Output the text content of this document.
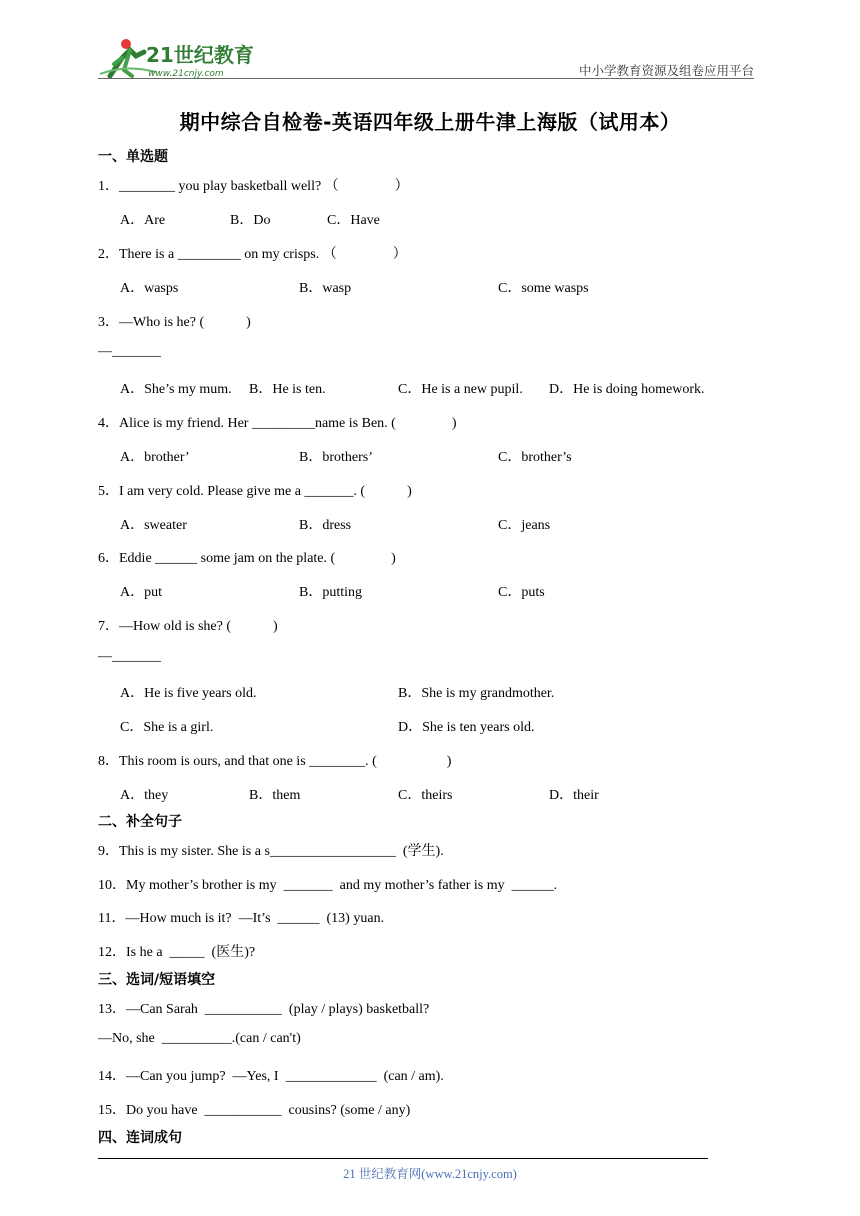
21世纪教育
www.21cnjy.com	中小学教育资源及组卷应用平台
期中综合自检卷-英语四年级上册牛津上海版（试用本）
一、单选题
1．________ you play basketball well? （　　　　）
A．Are	B．Do	C．Have
2．There is a _________ on my crisps. （　　　　）
A．wasps	B．wasp	C．some wasps
3．—Who is he? (　　　)
—_______
A．She’s my mum. B．He is ten.	C．He is a new pupil. D．He is doing homework.
4．Alice is my friend. Her _________name is Ben. (　　　　)
A．brother’	B．brothers’	C．brother’s
5．I am very cold. Please give me a _______. (　　　)
A．sweater	B．dress	C．jeans
6．Eddie ______ some jam on the plate. (　　　　)
A．put	B．putting	C．puts
7．—How old is she? (　　　)
—_______
A．He is five years old.	B．She is my grandmother.
C．She is a girl.	D．She is ten years old.
8．This room is ours, and that one is ________. (　　　　　)
A．they	B．them	C．theirs	D．their
二、补全句子
9．This is my sister. She is a s__________________  (学生).
10．My mother’s brother is my  _______  and my mother’s father is my  ______.
11．—How much is it?  —It’s  ______  (13) yuan.
12．Is he a  _____  (医生)?
三、选词/短语填空
13．—Can Sarah  ___________  (play / plays) basketball?
—No, she  __________.(can / can't)
14．—Can you jump?  —Yes, I  _____________  (can / am).
15．Do you have  ___________  cousins? (some / any)
四、连词成句
21 世纪教育网(www.21cnjy.com)
